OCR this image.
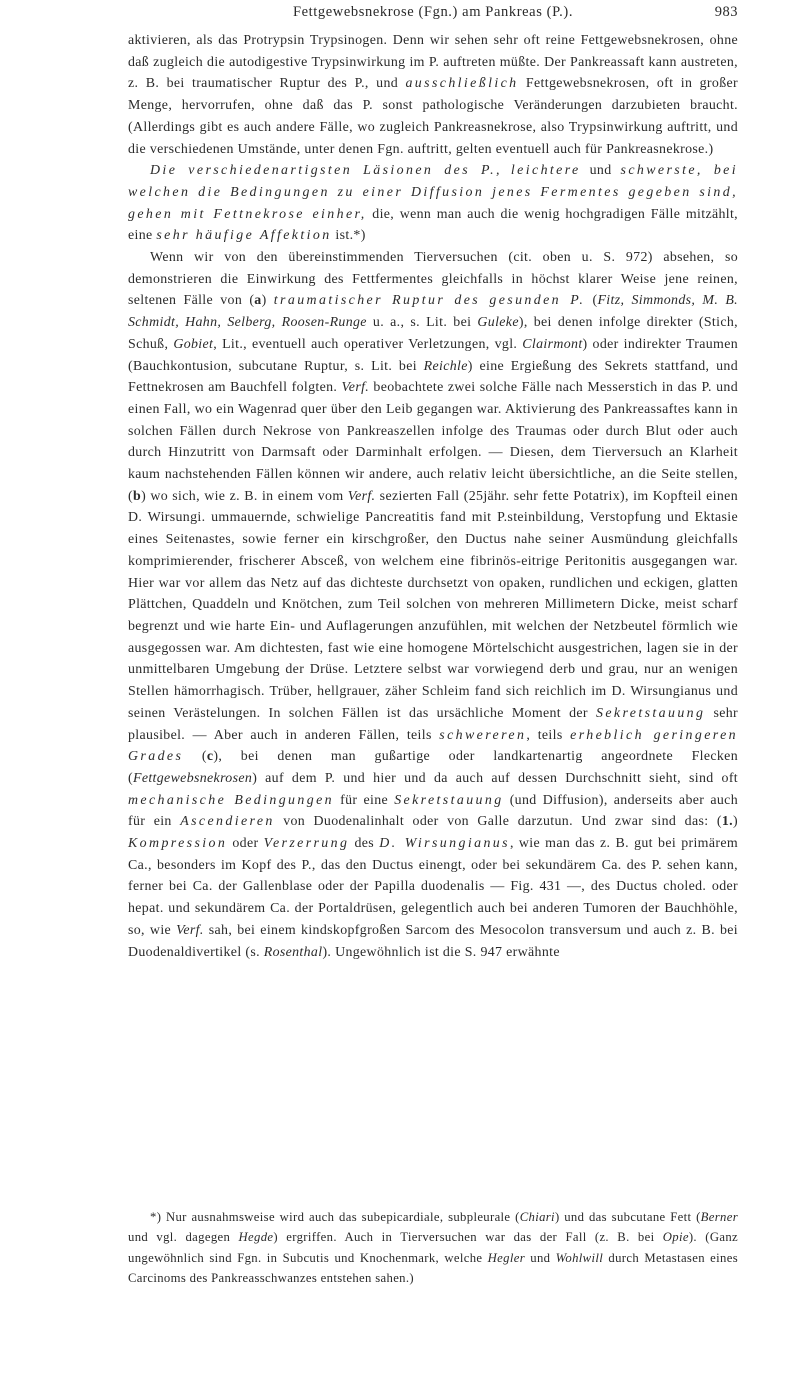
Fettgewebsnekrose (Fgn.) am Pankreas (P.).	983

aktivieren, als das Protrypsin Trypsinogen. Denn wir sehen sehr oft reine Fettgewebsnekrosen, ohne daß zugleich die autodigestive Trypsinwirkung im P. auftreten müßte. Der Pankreassaft kann austreten, z. B. bei traumatischer Ruptur des P., und ausschließlich Fettgewebsnekrosen, oft in großer Menge, hervorrufen, ohne daß das P. sonst pathologische Veränderungen darzubieten braucht. (Allerdings gibt es auch andere Fälle, wo zugleich Pankreasnekrose, also Trypsinwirkung auftritt, und die verschiedenen Umstände, unter denen Fgn. auftritt, gelten eventuell auch für Pankreasnekrose.)

Die verschiedenartigsten Läsionen des P., leichtere und schwerste, bei welchen die Bedingungen zu einer Diffusion jenes Fermentes gegeben sind, gehen mit Fettnekrose einher, die, wenn man auch die wenig hochgradigen Fälle mitzählt, eine sehr häufige Affektion ist.*)

Wenn wir von den übereinstimmenden Tierversuchen (cit. oben u. S. 972) absehen, so demonstrieren die Einwirkung des Fettfermentes gleichfalls in höchst klarer Weise jene reinen, seltenen Fälle von (a) traumatischer Ruptur des gesunden P. (Fitz, Simmonds, M. B. Schmidt, Hahn, Selberg, Roosen-Runge u. a., s. Lit. bei Guleke), bei denen infolge direkter (Stich, Schuß, Gobiet, Lit., eventuell auch operativer Verletzungen, vgl. Clairmont) oder indirekter Traumen (Bauchkontusion, subcutane Ruptur, s. Lit. bei Reichle) eine Ergießung des Sekrets stattfand, und Fettnekrosen am Bauchfell folgten. Verf. beobachtete zwei solche Fälle nach Messerstich in das P. und einen Fall, wo ein Wagenrad quer über den Leib gegangen war. Aktivierung des Pankreassaftes kann in solchen Fällen durch Nekrose von Pankreaszellen infolge des Traumas oder durch Blut oder auch durch Hinzutritt von Darmsaft oder Darminhalt erfolgen. — Diesen, dem Tierversuch an Klarheit kaum nachstehenden Fällen können wir andere, auch relativ leicht übersichtliche, an die Seite stellen, (b) wo sich, wie z. B. in einem vom Verf. sezierten Fall (25jähr. sehr fette Potatrix), im Kopfteil einen D. Wirsungi. ummauernde, schwielige Pancreatitis fand mit P.steinbildung, Verstopfung und Ektasie eines Seitenastes, sowie ferner ein kirschgroßer, den Ductus nahe seiner Ausmündung gleichfalls komprimierender, frischerer Absceß, von welchem eine fibrinös-eitrige Peritonitis ausgegangen war. Hier war vor allem das Netz auf das dichteste durchsetzt von opaken, rundlichen und eckigen, glatten Plättchen, Quaddeln und Knötchen, zum Teil solchen von mehreren Millimetern Dicke, meist scharf begrenzt und wie harte Ein- und Auflagerungen anzufühlen, mit welchen der Netzbeutel förmlich wie ausgegossen war. Am dichtesten, fast wie eine homogene Mörtelschicht ausgestrichen, lagen sie in der unmittelbaren Umgebung der Drüse. Letztere selbst war vorwiegend derb und grau, nur an wenigen Stellen hämorrhagisch. Trüber, hellgrauer, zäher Schleim fand sich reichlich im D. Wirsungianus und seinen Verästelungen. In solchen Fällen ist das ursächliche Moment der Sekretstauung sehr plausibel. — Aber auch in anderen Fällen, teils schwereren, teils erheblich geringeren Grades (c), bei denen man gußartige oder landkartenartig angeordnete Flecken (Fettgewebsnekrosen) auf dem P. und hier und da auch auf dessen Durchschnitt sieht, sind oft mechanische Bedingungen für eine Sekretstauung (und Diffusion), anderseits aber auch für ein Ascendieren von Duodenalinhalt oder von Galle darzutun. Und zwar sind das: (1.) Kompression oder Verzerrung des D. Wirsungianus, wie man das z. B. gut bei primärem Ca., besonders im Kopf des P., das den Ductus einengt, oder bei sekundärem Ca. des P. sehen kann, ferner bei Ca. der Gallenblase oder der Papilla duodenalis — Fig. 431 —, des Ductus choled. oder hepat. und sekundärem Ca. der Portaldrüsen, gelegentlich auch bei anderen Tumoren der Bauchhöhle, so, wie Verf. sah, bei einem kindskopfgroßen Sarcom des Mesocolon transversum und auch z. B. bei Duodenaldivertikel (s. Rosenthal). Ungewöhnlich ist die S. 947 erwähnte

*) Nur ausnahmsweise wird auch das subepicardiale, subpleurale (Chiari) und das subcutane Fett (Berner und vgl. dagegen Hegde) ergriffen. Auch in Tierversuchen war das der Fall (z. B. bei Opie). (Ganz ungewöhnlich sind Fgn. in Subcutis und Knochenmark, welche Hegler und Wohlwill durch Metastasen eines Carcinoms des Pankreasschwanzes entstehen sahen.)
